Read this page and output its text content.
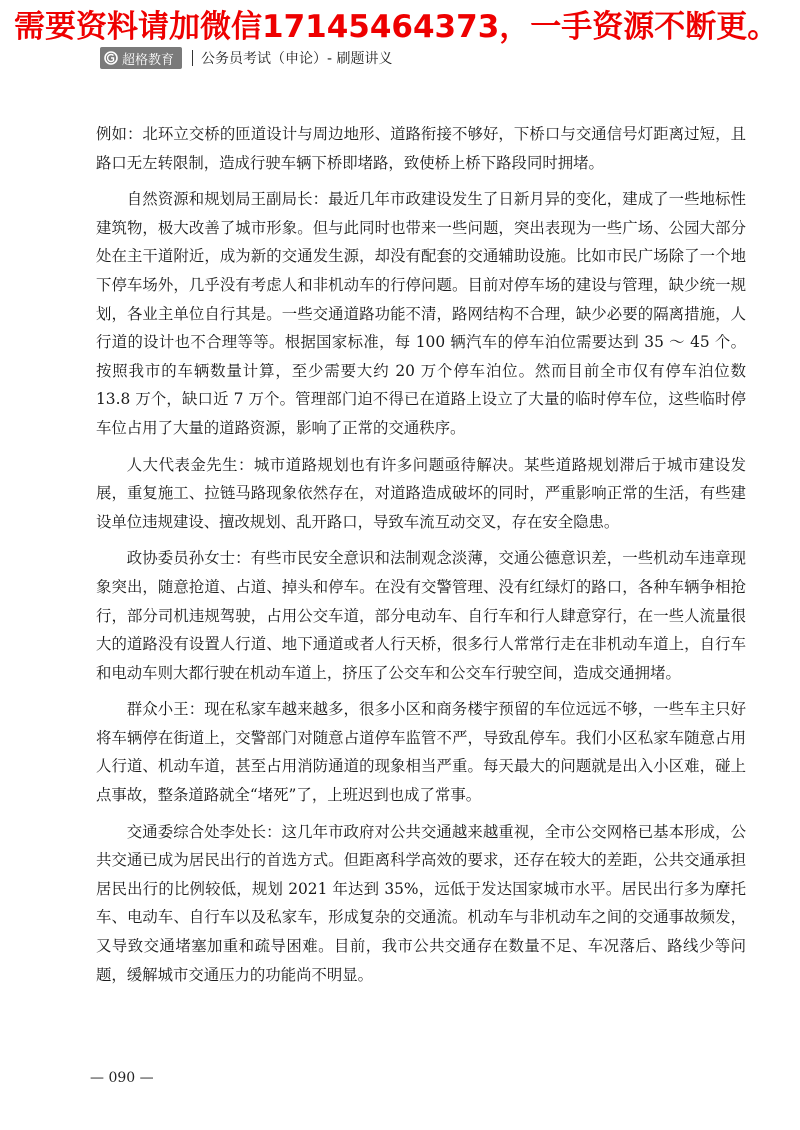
需要资料请加微信17145464373，一手资源不断更。
超格教育 公务员考试（申论）- 刷题讲义

例如：北环立交桥的匝道设计与周边地形、道路衔接不够好，下桥口与交通信号灯距离过短，且路口无左转限制，造成行驶车辆下桥即堵路，致使桥上桥下路段同时拥堵。

自然资源和规划局王副局长：最近几年市政建设发生了日新月异的变化，建成了一些地标性建筑物，极大改善了城市形象。但与此同时也带来一些问题，突出表现为一些广场、公园大部分处在主干道附近，成为新的交通发生源，却没有配套的交通辅助设施。比如市民广场除了一个地下停车场外，几乎没有考虑人和非机动车的行停问题。目前对停车场的建设与管理，缺少统一规划，各业主单位自行其是。一些交通道路功能不清，路网结构不合理，缺少必要的隔离措施，人行道的设计也不合理等等。根据国家标准，每 100 辆汽车的停车泊位需要达到 35 ～ 45 个。按照我市的车辆数量计算，至少需要大约 20 万个停车泊位。然而目前全市仅有停车泊位数 13.8 万个，缺口近 7 万个。管理部门迫不得已在道路上设立了大量的临时停车位，这些临时停车位占用了大量的道路资源，影响了正常的交通秩序。

人大代表金先生：城市道路规划也有许多问题亟待解决。某些道路规划滞后于城市建设发展，重复施工、拉链马路现象依然存在，对道路造成破坏的同时，严重影响正常的生活，有些建设单位违规建设、擅改规划、乱开路口，导致车流互动交叉，存在安全隐患。

政协委员孙女士：有些市民安全意识和法制观念淡薄，交通公德意识差，一些机动车违章现象突出，随意抢道、占道、掉头和停车。在没有交警管理、没有红绿灯的路口，各种车辆争相抢行，部分司机违规驾驶，占用公交车道，部分电动车、自行车和行人肆意穿行，在一些人流量很大的道路没有设置人行道、地下通道或者人行天桥，很多行人常常行走在非机动车道上，自行车和电动车则大都行驶在机动车道上，挤压了公交车和公交车行驶空间，造成交通拥堵。

群众小王：现在私家车越来越多，很多小区和商务楼宇预留的车位远远不够，一些车主只好将车辆停在街道上，交警部门对随意占道停车监管不严，导致乱停车。我们小区私家车随意占用人行道、机动车道，甚至占用消防通道的现象相当严重。每天最大的问题就是出入小区难，碰上点事故，整条道路就全“堵死”了，上班迟到也成了常事。

交通委综合处李处长：这几年市政府对公共交通越来越重视，全市公交网格已基本形成，公共交通已成为居民出行的首选方式。但距离科学高效的要求，还存在较大的差距，公共交通承担居民出行的比例较低，规划 2021 年达到 35%，远低于发达国家城市水平。居民出行多为摩托车、电动车、自行车以及私家车，形成复杂的交通流。机动车与非机动车之间的交通事故频发，又导致交通堵塞加重和疏导困难。目前，我市公共交通存在数量不足、车况落后、路线少等问题，缓解城市交通压力的功能尚不明显。

— 090 —
